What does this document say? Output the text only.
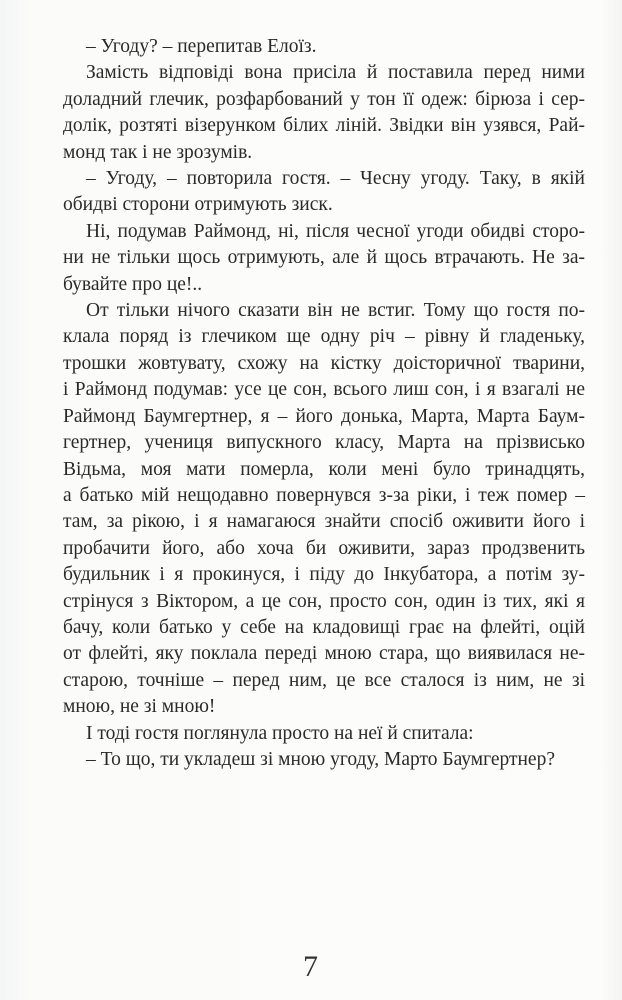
– Угоду? – перепитав Елоїз.
Замість відповіді вона присіла й поставила перед ними
доладний глечик, розфарбований у тон її одеж: бірюза і сер-
долік, розтяті візерунком білих ліній. Звідки він узявся, Рай-
монд так і не зрозумів.
– Угоду, – повторила гостя. – Чесну угоду. Таку, в якій
обидві сторони отримують зиск.
Ні, подумав Раймонд, ні, після чесної угоди обидві сторо-
ни не тільки щось отримують, але й щось втрачають. Не за-
бувайте про це!..
От тільки нічого сказати він не встиг. Тому що гостя по-
клала поряд із глечиком ще одну річ – рівну й гладеньку,
трошки жовтувату, схожу на кістку доісторичної тварини,
і Раймонд подумав: усе це сон, всього лиш сон, і я взагалі не
Раймонд Баумгертнер, я – його донька, Марта, Марта Баум-
гертнер, учениця випускного класу, Марта на прізвисько
Відьма, моя мати померла, коли мені було тринадцять,
а батько мій нещодавно повернувся з-за ріки, і теж помер –
там, за рікою, і я намагаюся знайти спосіб оживити його і
пробачити його, або хоча би оживити, зараз продзвенить
будильник і я прокинуся, і піду до Інкубатора, а потім зу-
стрінуся з Віктором, а це сон, просто сон, один із тих, які я
бачу, коли батько у себе на кладовищі грає на флейті, оцій
от флейті, яку поклала переді мною стара, що виявилася не-
старою, точніше – перед ним, це все сталося із ним, не зі
мною, не зі мною!
І тоді гостя поглянула просто на неї й спитала:
– То що, ти укладеш зі мною угоду, Марто Баумгертнер?
7
